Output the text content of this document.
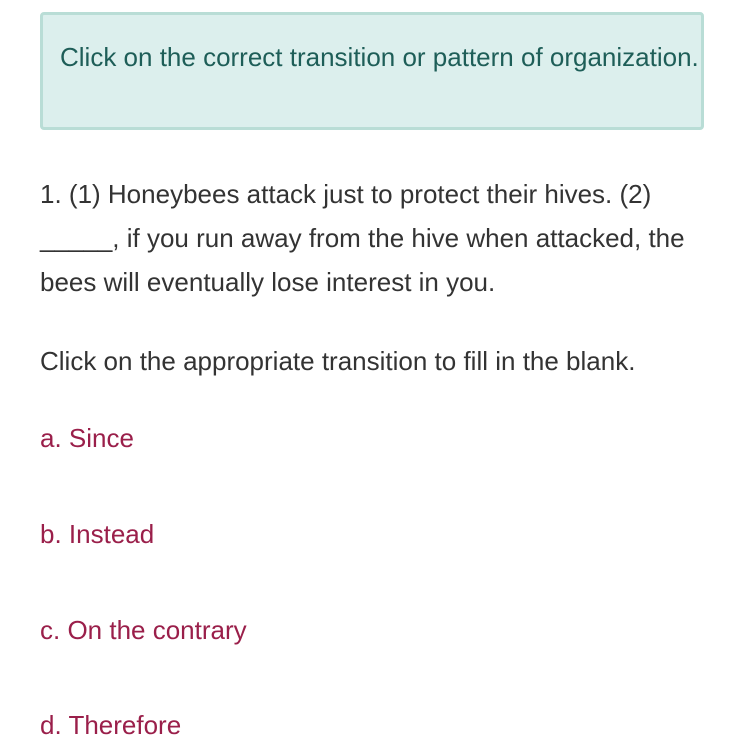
Click on the correct transition or pattern of organization.
1. (1) Honeybees attack just to protect their hives. (2) _____, if you run away from the hive when attacked, the bees will eventually lose interest in you.
Click on the appropriate transition to fill in the blank.
a. Since
b. Instead
c. On the contrary
d. Therefore
